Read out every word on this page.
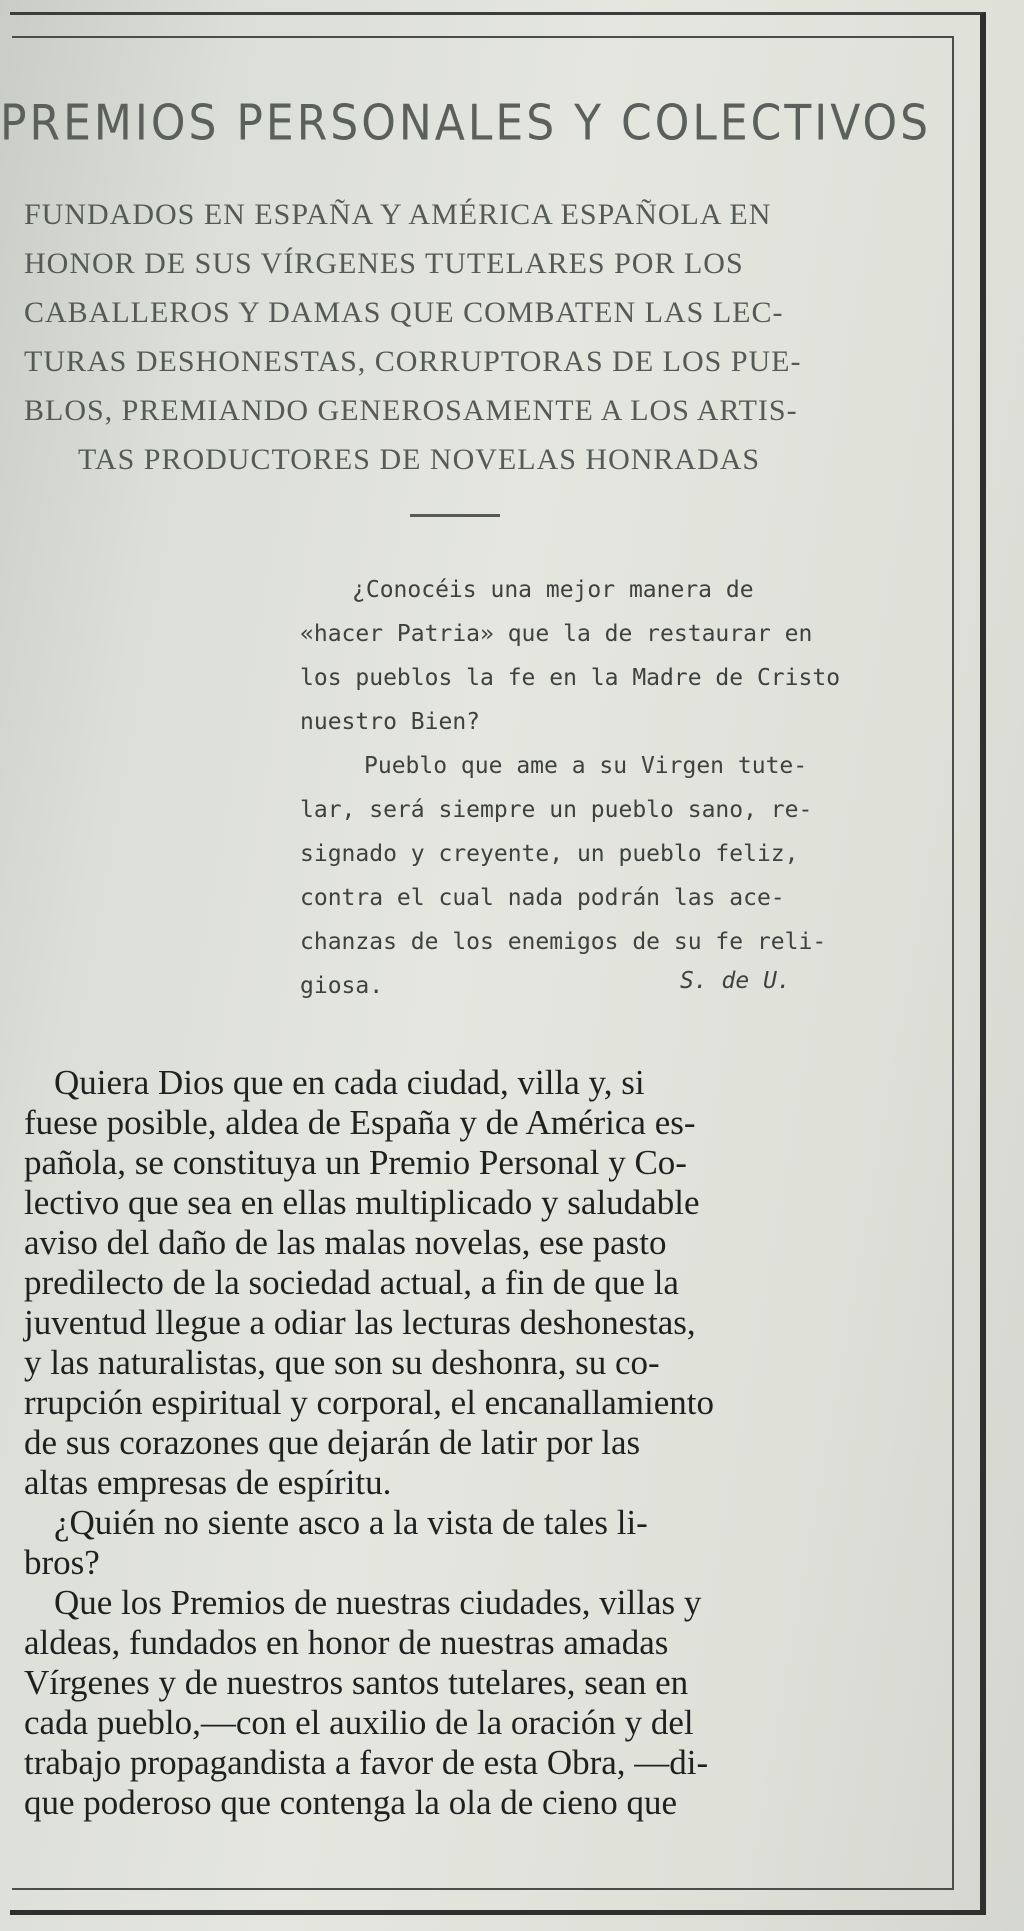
PREMIOS PERSONALES Y COLECTIVOS
FUNDADOS EN ESPAÑA Y AMÉRICA ESPAÑOLA EN
HONOR DE SUS VÍRGENES TUTELARES POR LOS
CABALLEROS Y DAMAS QUE COMBATEN LAS LEC-
TURAS DESHONESTAS, CORRUPTORAS DE LOS PUE-
BLOS, PREMIANDO GENEROSAMENTE A LOS ARTIS-
TAS PRODUCTORES DE NOVELAS HONRADAS

¿Conocéis una mejor manera de
«hacer Patria» que la de restaurar en
los pueblos la fe en la Madre de Cristo
nuestro Bien?

Pueblo que ame a su Virgen tute-
lar, será siempre un pueblo sano, re-
signado y creyente, un pueblo feliz,
contra el cual nada podrán las ace-
chanzas de los enemigos de su fe reli-
giosa.	S. de U.

Quiera Dios que en cada ciudad, villa y, si
fuese posible, aldea de España y de América es-
pañola, se constituya un Premio Personal y Co-
lectivo que sea en ellas multiplicado y saludable
aviso del daño de las malas novelas, ese pasto
predilecto de la sociedad actual, a fin de que la
juventud llegue a odiar las lecturas deshonestas,
y las naturalistas, que son su deshonra, su co-
rrupción espiritual y corporal, el encanallamiento
de sus corazones que dejarán de latir por las
altas empresas de espíritu.

¿Quién no siente asco a la vista de tales li-
bros?

Que los Premios de nuestras ciudades, villas y
aldeas, fundados en honor de nuestras amadas
Vírgenes y de nuestros santos tutelares, sean en
cada pueblo,—con el auxilio de la oración y del
trabajo propagandista a favor de esta Obra, —di-
que poderoso que contenga la ola de cieno que
